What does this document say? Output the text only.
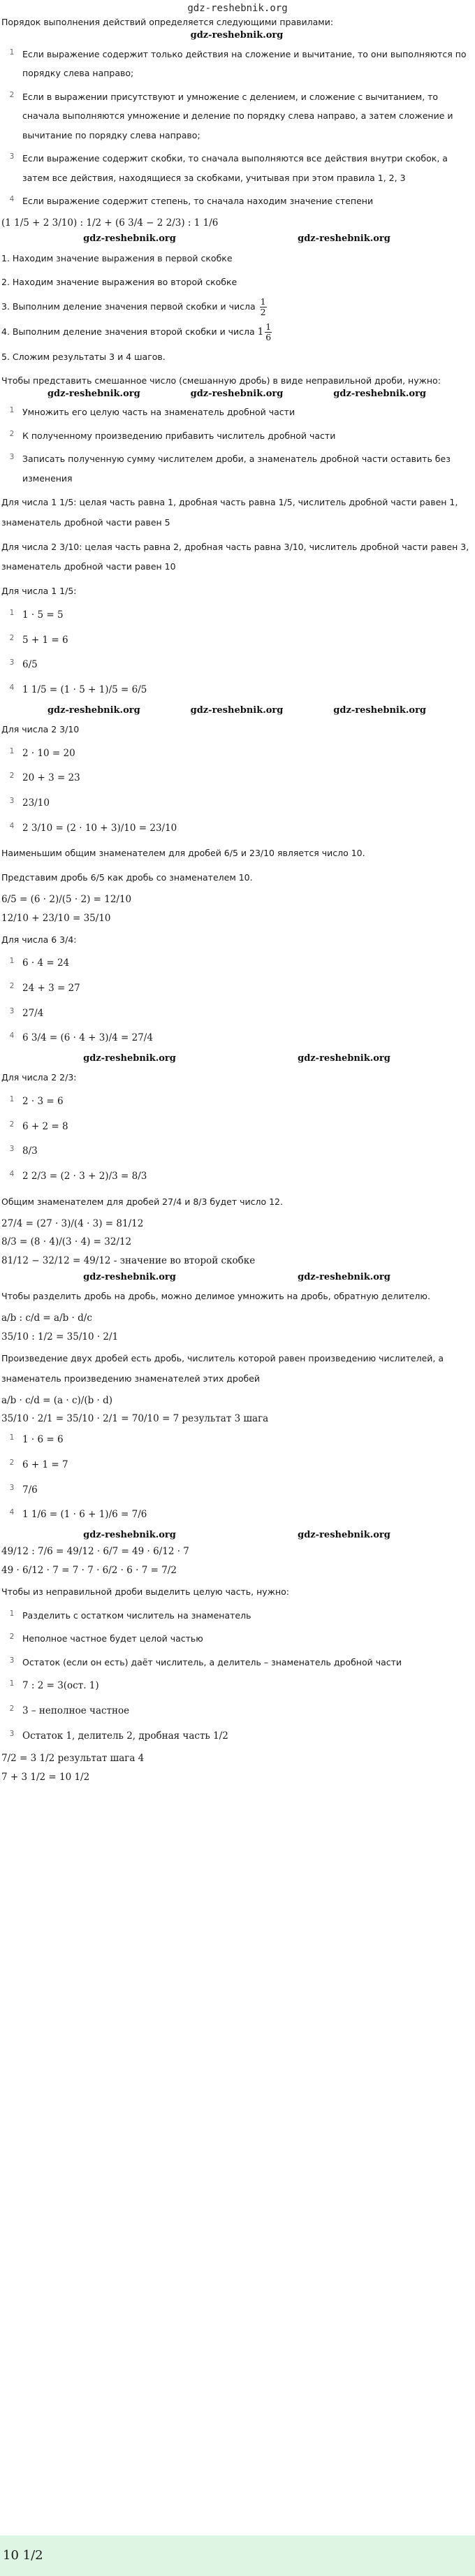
gdz-reshebnik.org

Порядок выполнения действий определяется следующими правилами:

gdz-reshebnik.org
1 Если выражение содержит только действия на сложение и вычитание, то они выполняются по порядку слева направо;
2 Если в выражении присутствуют и умножение с делением, и сложение с вычитанием, то сначала выполняются умножение и деление по порядку слева направо, а затем сложение и вычитание по порядку слева направо;
3 Если выражение содержит скобки, то сначала выполняются все действия внутри скобок, а затем все действия, находящиеся за скобками, учитывая при этом правила 1, 2, 3
4 Если выражение содержит степень, то сначала находим значение степени
(1 1/5 + 2 3/10) : 1/2 + (6 3/4 − 2 2/3) : 1 1/6
gdz-reshebnik.org	gdz-reshebnik.org

1. Находим значение выражения в первой скобке

2. Находим значение выражения во второй скобке

3. Выполним деление значения первой скобки и числа $\frac{1}{2}$

4. Выполним деление значения второй скобки и числа $1 \frac{1}{6}$

5. Сложим результаты 3 и 4 шагов.

Чтобы представить смешанное число (смешанную дробь) в виде неправильной дроби, нужно:

gdz-reshebnik.org	gdz-reshebnik.org	gdz-reshebnik.org
1 Умножить его целую часть на знаменатель дробной части
2 К полученному произведению прибавить числитель дробной части
3 Записать полученную сумму числителем дроби, а знаменатель дробной части оставить без изменения

Для числа 1 1/5: целая часть равна 1, дробная часть равна 1/5, числитель дробной части равен 1, знаменатель дробной части равен 5

Для числа 2 3/10: целая часть равна 2, дробная часть равна 3/10, числитель дробной части равен 3, знаменатель дробной части равен 10

Для числа 1 1/5:

1 1 · 5 = 5
2 5 + 1 = 6
3 6/5
4 1 1/5 = (1 · 5 + 1)/5 = 6/5
gdz-reshebnik.org	gdz-reshebnik.org	gdz-reshebnik.org

Для числа 2 3/10

1 2 · 10 = 20
2 20 + 3 = 23
3 23/10
4 2 3/10 = (2 · 10 + 3)/10 = 23/10

Наименьшим общим знаменателем для дробей 6/5 и 23/10 является число 10.

Представим дробь 6/5 как дробь со знаменателем 10.

6/5 = (6 · 2)/(5 · 2) = 12/10
12/10 + 23/10 = 35/10

Для числа 6 3/4:

1 6 · 4 = 24
2 24 + 3 = 27
3 27/4
4 6 3/4 = (6 · 4 + 3)/4 = 27/4
gdz-reshebnik.org	gdz-reshebnik.org

Для числа 2 2/3:

1 2 · 3 = 6
2 6 + 2 = 8
3 8/3
4 2 2/3 = (2 · 3 + 2)/3 = 8/3

Общим знаменателем для дробей 27/4 и 8/3 будет число 12.

27/4 = (27 · 3)/(4 · 3) = 81/12
8/3 = (8 · 4)/(3 · 4) = 32/12
81/12 − 32/12 = 49/12 - значение во второй скобке
gdz-reshebnik.org	gdz-reshebnik.org

Чтобы разделить дробь на дробь, можно делимое умножить на дробь, обратную делителю.

a/b : c/d = a/b · d/c
35/10 : 1/2 = 35/10 · 2/1

Произведение двух дробей есть дробь, числитель которой равен произведению числителей, а знаменатель произведению знаменателей этих дробей

a/b · c/d = (a · c)/(b · d)
35/10 · 2/1 = 35/10 · 2/1 = 70/10 = 7 результат 3 шага
1 1 · 6 = 6
2 6 + 1 = 7
3 7/6
4 1 1/6 = (1 · 6 + 1)/6 = 7/6
gdz-reshebnik.org	gdz-reshebnik.org
49/12 : 7/6 = 49/12 · 6/7 = 49 · 6/12 · 7
49 · 6/12 · 7 = 7 · 7 · 6/2 · 6 · 7 = 7/2

Чтобы из неправильной дроби выделить целую часть, нужно:

1 Разделить с остатком числитель на знаменатель
2 Неполное частное будет целой частью
3 Остаток (если он есть) даёт числитель, а делитель – знаменатель дробной части
1 7 : 2 = 3(ост. 1)
2 3 – неполное частное
3 Остаток 1, делитель 2, дробная часть 1/2
7/2 = 3 1/2 результат шага 4
7 + 3 1/2 = 10 1/2
10 1/2
